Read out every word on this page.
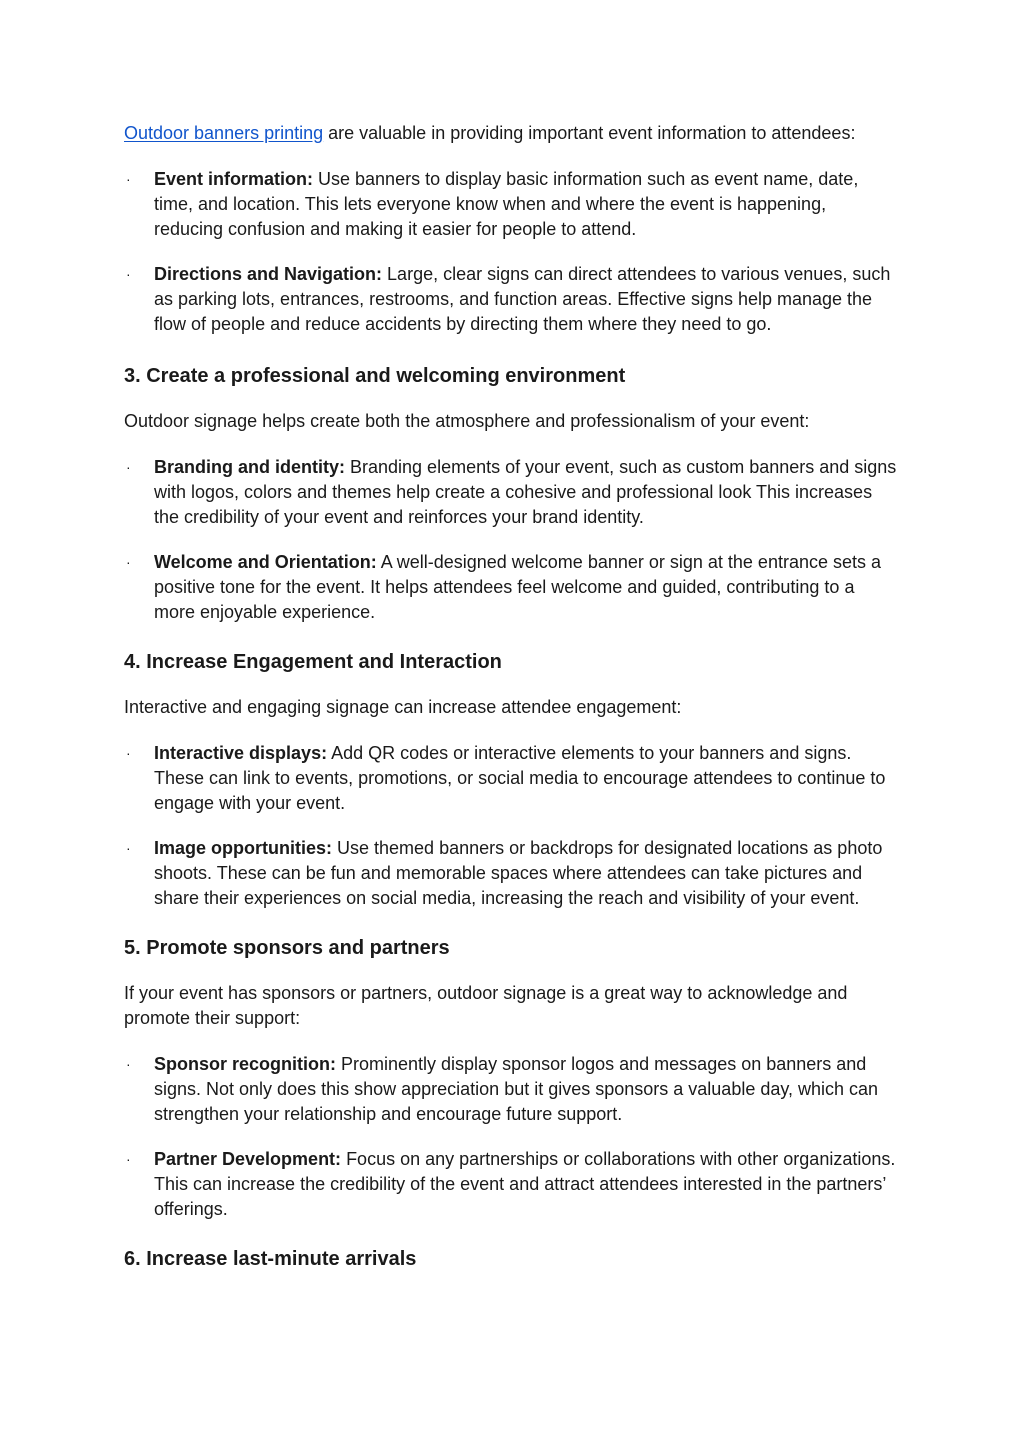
Outdoor banners printing are valuable in providing important event information to attendees:

· Event information: Use banners to display basic information such as event name, date, time, and location. This lets everyone know when and where the event is happening, reducing confusion and making it easier for people to attend.
· Directions and Navigation: Large, clear signs can direct attendees to various venues, such as parking lots, entrances, restrooms, and function areas. Effective signs help manage the flow of people and reduce accidents by directing them where they need to go.
3. Create a professional and welcoming environment

Outdoor signage helps create both the atmosphere and professionalism of your event:

· Branding and identity: Branding elements of your event, such as custom banners and signs with logos, colors and themes help create a cohesive and professional look This increases the credibility of your event and reinforces your brand identity.
· Welcome and Orientation: A well-designed welcome banner or sign at the entrance sets a positive tone for the event. It helps attendees feel welcome and guided, contributing to a more enjoyable experience.
4. Increase Engagement and Interaction

Interactive and engaging signage can increase attendee engagement:

· Interactive displays: Add QR codes or interactive elements to your banners and signs. These can link to events, promotions, or social media to encourage attendees to continue to engage with your event.
· Image opportunities: Use themed banners or backdrops for designated locations as photo shoots. These can be fun and memorable spaces where attendees can take pictures and share their experiences on social media, increasing the reach and visibility of your event.
5. Promote sponsors and partners

If your event has sponsors or partners, outdoor signage is a great way to acknowledge and promote their support:

· Sponsor recognition: Prominently display sponsor logos and messages on banners and signs. Not only does this show appreciation but it gives sponsors a valuable day, which can strengthen your relationship and encourage future support.
· Partner Development: Focus on any partnerships or collaborations with other organizations. This can increase the credibility of the event and attract attendees interested in the partners’ offerings.
6. Increase last-minute arrivals
